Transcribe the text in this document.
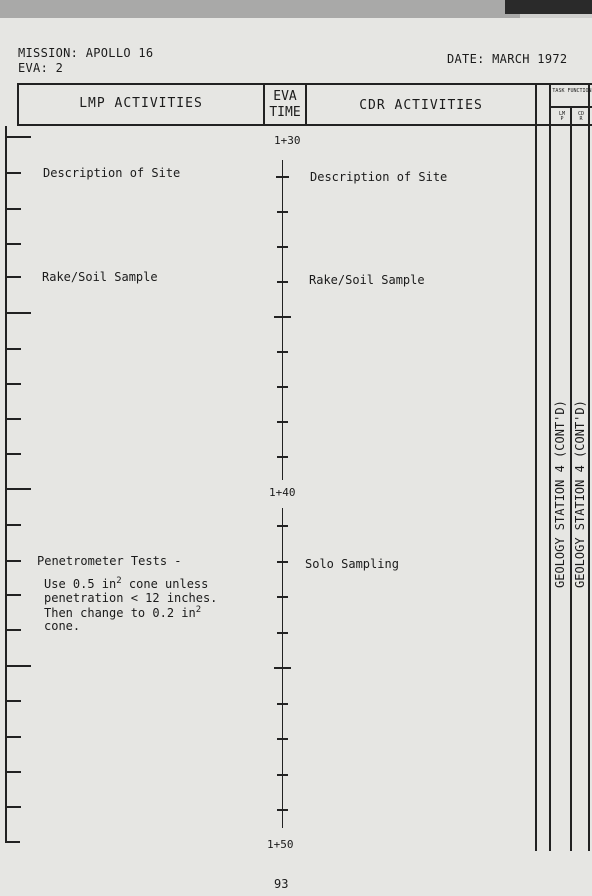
MISSION: APOLLO 16
EVA: 2
DATE: MARCH 1972
LMP ACTIVITIES	EVA
TIME	CDR ACTIVITIES
TASK FUNCTION
LMP
CDR
GEOLOGY STATION 4 (CONT'D) GEOLOGY STATION 4 (CONT'D)
1+30
1+40
1+50
Description of Site
Rake/Soil Sample
Penetrometer Tests -
Use 0.5 $in^2$ cone unless
penetration < 12 inches.
Then change to 0.2 $in^2$
cone.
Description of Site
Rake/Soil Sample
Solo Sampling
93
